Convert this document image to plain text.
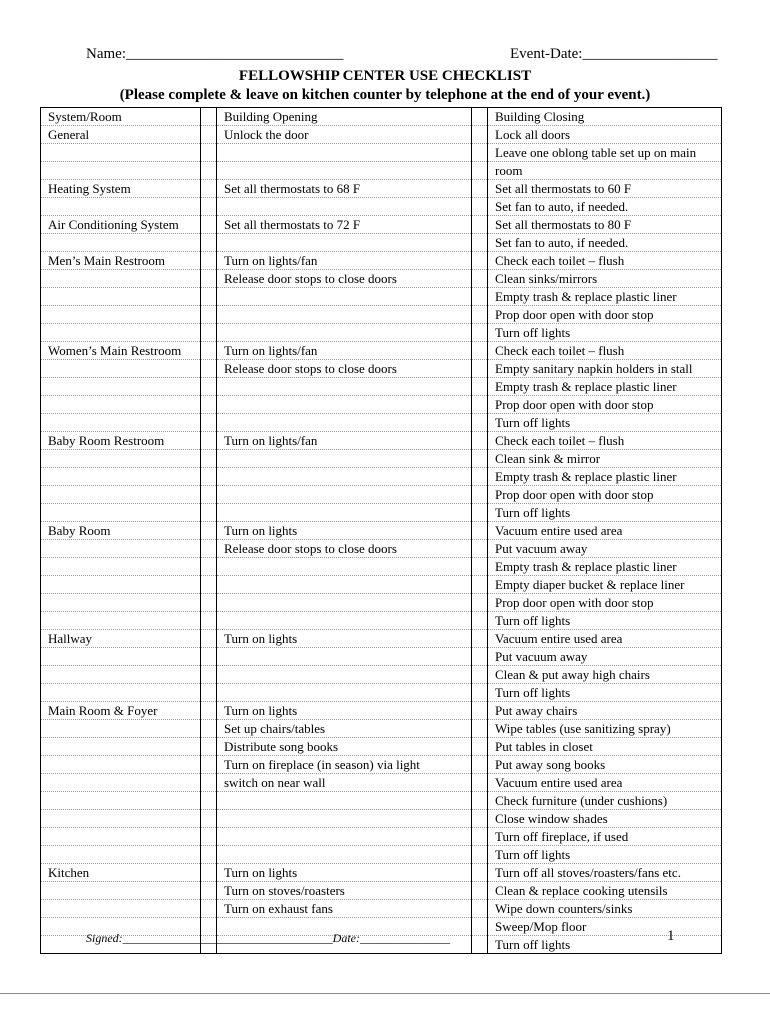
Name:_____________________________	Event-Date:__________________
FELLOWSHIP CENTER USE CHECKLIST
(Please complete & leave on kitchen counter by telephone at the end of your event.)
System/Room		Building Opening		Building Closing
General		Unlock the door		Lock all doors
				Leave one oblong table set up on main
				room
Heating System		Set all thermostats to 68 F		Set all thermostats to 60 F
				Set fan to auto, if needed.
Air Conditioning System		Set all thermostats to 72 F		Set all thermostats to 80 F
				Set fan to auto, if needed.
Men’s Main Restroom		Turn on lights/fan		Check each toilet – flush
		Release door stops to close doors		Clean sinks/mirrors
				Empty trash & replace plastic liner
				Prop door open with door stop
				Turn off lights
Women’s Main Restroom		Turn on lights/fan		Check each toilet – flush
		Release door stops to close doors		Empty sanitary napkin holders in stall
				Empty trash & replace plastic liner
				Prop door open with door stop
				Turn off lights
Baby Room Restroom		Turn on lights/fan		Check each toilet – flush
				Clean sink & mirror
				Empty trash & replace plastic liner
				Prop door open with door stop
				Turn off lights
Baby Room		Turn on lights		Vacuum entire used area
		Release door stops to close doors		Put vacuum away
				Empty trash & replace plastic liner
				Empty diaper bucket & replace liner
				Prop door open with door stop
				Turn off lights
Hallway		Turn on lights		Vacuum entire used area
				Put vacuum away
				Clean & put away high chairs
				Turn off lights
Main Room & Foyer		Turn on lights		Put away chairs
		Set up chairs/tables		Wipe tables (use sanitizing spray)
		Distribute song books		Put tables in closet
		Turn on fireplace (in season) via light		Put away song books
		switch on near wall		Vacuum entire used area
				Check furniture (under cushions)
				Close window shades
				Turn off fireplace, if used
				Turn off lights
Kitchen		Turn on lights		Turn off all stoves/roasters/fans etc.
		Turn on stoves/roasters		Clean & replace cooking utensils
		Turn on exhaust fans		Wipe down counters/sinks
				Sweep/Mop floor
				Turn off lights
Signed:___________________________________Date:_______________	1
